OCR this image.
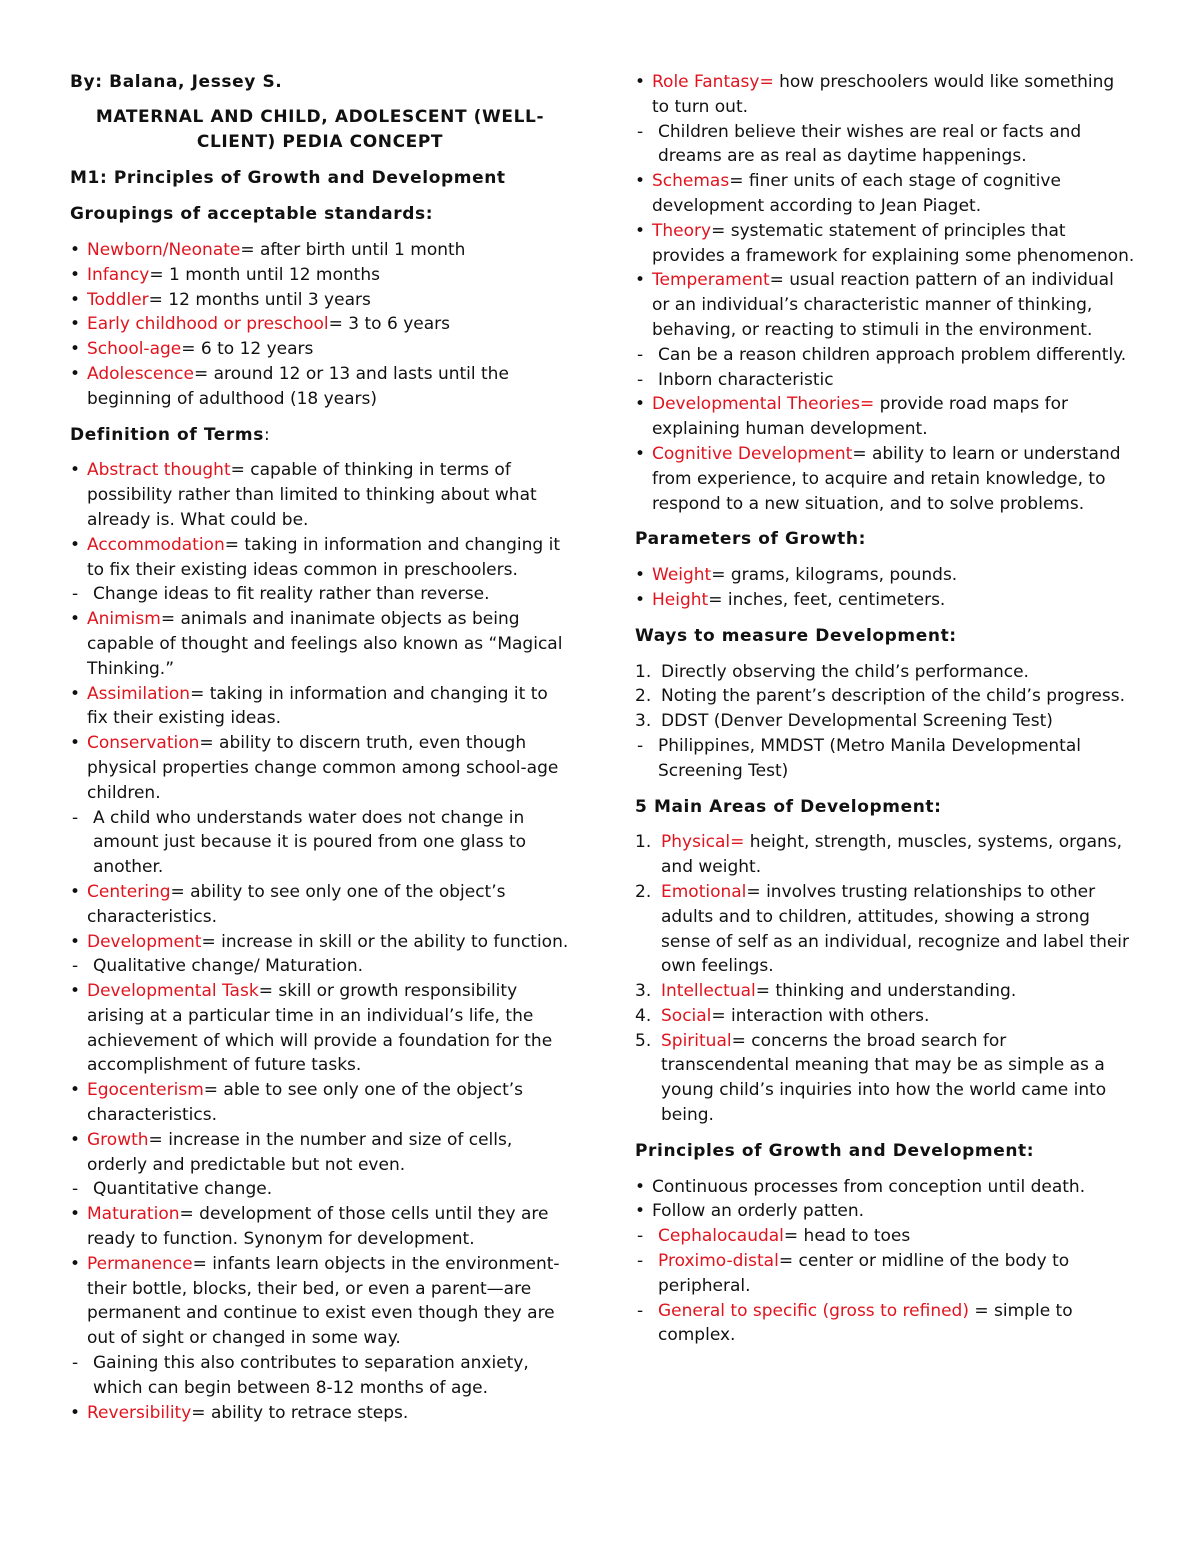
By: Balana, Jessey S.
MATERNAL AND CHILD, ADOLESCENT (WELL-CLIENT) PEDIA CONCEPT
M1: Principles of Growth and Development
Groupings of acceptable standards:
• Newborn/Neonate= after birth until 1 month
• Infancy= 1 month until 12 months
• Toddler= 12 months until 3 years
• Early childhood or preschool= 3 to 6 years
• School-age= 6 to 12 years
• Adolescence= around 12 or 13 and lasts until the beginning of adulthood (18 years)
Definition of Terms:
• Abstract thought= capable of thinking in terms of possibility rather than limited to thinking about what already is. What could be.
• Accommodation= taking in information and changing it to fix their existing ideas common in preschoolers.
- Change ideas to fit reality rather than reverse.
• Animism= animals and inanimate objects as being capable of thought and feelings also known as “Magical Thinking.”
• Assimilation= taking in information and changing it to fix their existing ideas.
• Conservation= ability to discern truth, even though physical properties change common among school-age children.
- A child who understands water does not change in amount just because it is poured from one glass to another.
• Centering= ability to see only one of the object’s characteristics.
• Development= increase in skill or the ability to function.
- Qualitative change/ Maturation.
• Developmental Task= skill or growth responsibility arising at a particular time in an individual’s life, the achievement of which will provide a foundation for the accomplishment of future tasks.
• Egocenterism= able to see only one of the object’s characteristics.
• Growth= increase in the number and size of cells, orderly and predictable but not even.
- Quantitative change.
• Maturation= development of those cells until they are ready to function. Synonym for development.
• Permanence= infants learn objects in the environment- their bottle, blocks, their bed, or even a parent—are permanent and continue to exist even though they are out of sight or changed in some way.
- Gaining this also contributes to separation anxiety, which can begin between 8-12 months of age.
• Reversibility= ability to retrace steps.
• Role Fantasy= how preschoolers would like something to turn out.
- Children believe their wishes are real or facts and dreams are as real as daytime happenings.
• Schemas= finer units of each stage of cognitive development according to Jean Piaget.
• Theory= systematic statement of principles that provides a framework for explaining some phenomenon.
• Temperament= usual reaction pattern of an individual or an individual’s characteristic manner of thinking, behaving, or reacting to stimuli in the environment.
- Can be a reason children approach problem differently.
- Inborn characteristic
• Developmental Theories= provide road maps for explaining human development.
• Cognitive Development= ability to learn or understand from experience, to acquire and retain knowledge, to respond to a new situation, and to solve problems.
Parameters of Growth:
• Weight= grams, kilograms, pounds.
• Height= inches, feet, centimeters.
Ways to measure Development:
1. Directly observing the child’s performance.
2. Noting the parent’s description of the child’s progress.
3. DDST (Denver Developmental Screening Test)
- Philippines, MMDST (Metro Manila Developmental Screening Test)
5 Main Areas of Development:
1. Physical= height, strength, muscles, systems, organs, and weight.
2. Emotional= involves trusting relationships to other adults and to children, attitudes, showing a strong sense of self as an individual, recognize and label their own feelings.
3. Intellectual= thinking and understanding.
4. Social= interaction with others.
5. Spiritual= concerns the broad search for transcendental meaning that may be as simple as a young child’s inquiries into how the world came into being.
Principles of Growth and Development:
• Continuous processes from conception until death.
• Follow an orderly patten.
- Cephalocaudal= head to toes
- Proximo-distal= center or midline of the body to peripheral.
- General to specific (gross to refined) = simple to complex.
